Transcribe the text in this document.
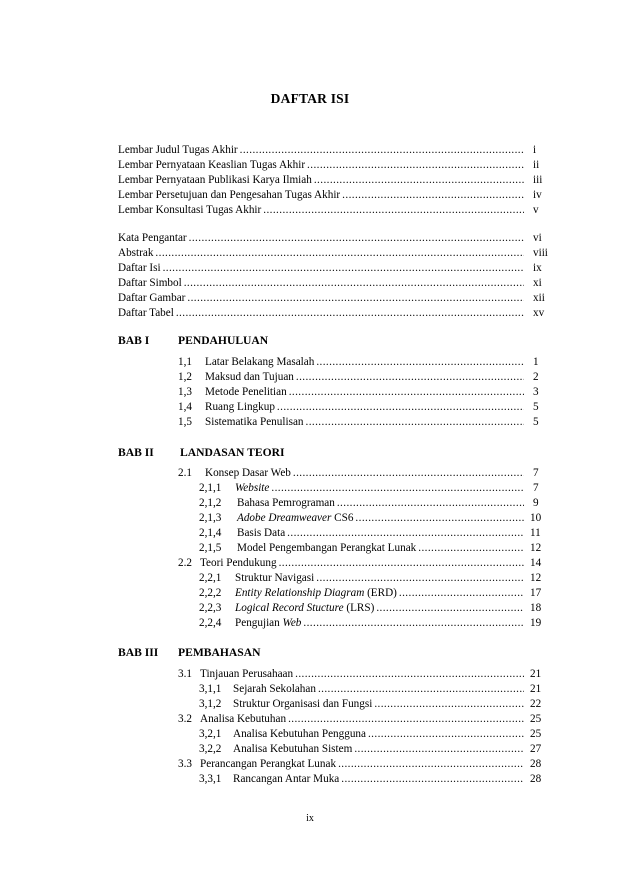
DAFTAR ISI
Lembar Judul Tugas Akhir .....	i
Lembar Pernyataan Keaslian Tugas Akhir .....	ii
Lembar Pernyataan Publikasi Karya Ilmiah .....	iii
Lembar Persetujuan dan Pengesahan Tugas Akhir .....	iv
Lembar Konsultasi Tugas Akhir .....	v
Kata Pengantar .....	vi
Abstrak .....	viii
Daftar Isi .....	ix
Daftar Simbol .....	xi
Daftar Gambar .....	xii
Daftar Tabel .....	xv
BAB I PENDAHULUAN
1,1 Latar Belakang Masalah .....	1
1,2 Maksud dan Tujuan .....	2
1,3 Metode Penelitian .....	3
1,4 Ruang Lingkup .....	5
1,5 Sistematika Penulisan .....	5
BAB II LANDASAN TEORI
2.1 Konsep Dasar Web .....	7
2,1,1 Website .....	7
2,1,2 Bahasa Pemrograman .....	9
2,1,3 Adobe Dreamweaver CS6 .....	10
2,1,4 Basis Data .....	11
2,1,5 Model Pengembangan Perangkat Lunak .....	12
2.2 Teori Pendukung .....	14
2,2,1 Struktur Navigasi .....	12
2,2,2 Entity Relationship Diagram (ERD) .....	17
2,2,3 Logical Record Stucture (LRS) .....	18
2,2,4 Pengujian Web .....	19
BAB III PEMBAHASAN
3.1 Tinjauan Perusahaan .....	21
3,1,1 Sejarah Sekolahan .....	21
3,1,2 Struktur Organisasi dan Fungsi .....	22
3.2 Analisa Kebutuhan .....	25
3,2,1 Analisa Kebutuhan Pengguna .....	25
3,2,2 Analisa Kebutuhan Sistem .....	27
3.3 Perancangan Perangkat Lunak .....	28
3,3,1 Rancangan Antar Muka .....	28
ix
